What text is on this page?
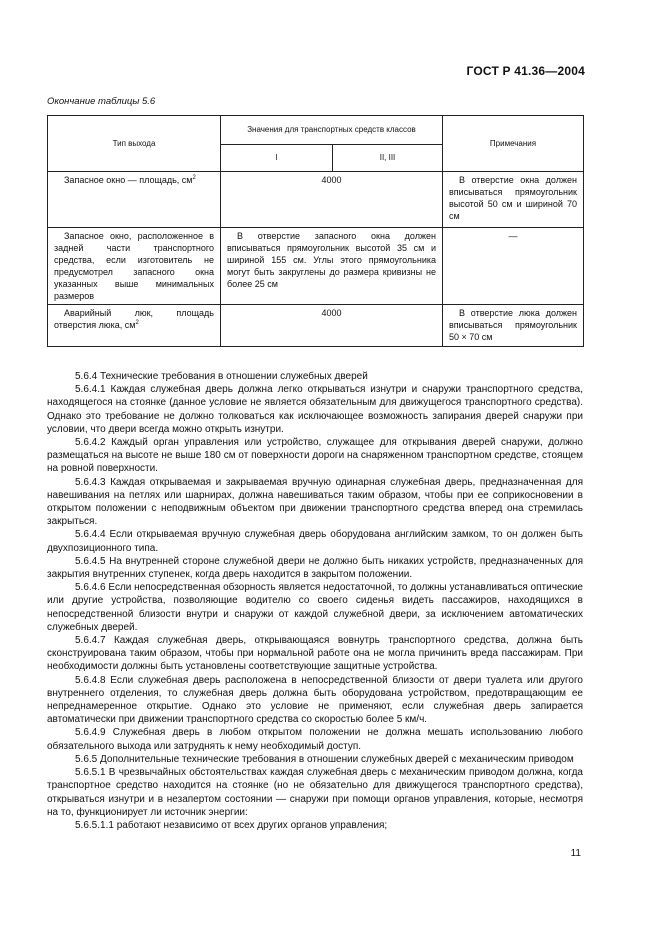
ГОСТ Р 41.36—2004
Окончание таблицы 5.6
Тип выхода	Значения для транспортных средств классов		Примечания
	I	II, III	
Запасное окно — площадь, $см^2$	4000		В отверстие окна должен вписываться прямоугольник высотой 50 см и шириной 70 см
Запасное окно, расположенное в задней части транспортного средства, если изготовитель не предусмотрел запасного окна указанных выше минимальных размеров	В отверстие запасного окна должен вписываться прямоугольник высотой 35 см и шириной 155 см. Углы этого прямоугольника могут быть закруглены до размера кривизны не более 25 см		—
Аварийный люк, площадь отверстия люка, $см^2$	4000		В отверстие люка должен вписываться прямоугольник 50 × 70 см

5.6.4 Технические требования в отношении служебных дверей

5.6.4.1 Каждая служебная дверь должна легко открываться изнутри и снаружи транспортного средства, находящегося на стоянке (данное условие не является обязательным для движущегося транспортного средства). Однако это требование не должно толковаться как исключающее возможность запирания дверей снаружи при условии, что двери всегда можно открыть изнутри.

5.6.4.2 Каждый орган управления или устройство, служащее для открывания дверей снаружи, должно размещаться на высоте не выше 180 см от поверхности дороги на снаряженном транспортном средстве, стоящем на ровной поверхности.

5.6.4.3 Каждая открываемая и закрываемая вручную одинарная служебная дверь, предназначенная для навешивания на петлях или шарнирах, должна навешиваться таким образом, чтобы при ее соприкосновении в открытом положении с неподвижным объектом при движении транспортного средства вперед она стремилась закрыться.

5.6.4.4 Если открываемая вручную служебная дверь оборудована английским замком, то он должен быть двухпозиционного типа.

5.6.4.5 На внутренней стороне служебной двери не должно быть никаких устройств, предназначенных для закрытия внутренних ступенек, когда дверь находится в закрытом положении.

5.6.4.6 Если непосредственная обзорность является недостаточной, то должны устанавливаться оптические или другие устройства, позволяющие водителю со своего сиденья видеть пассажиров, находящихся в непосредственной близости внутри и снаружи от каждой служебной двери, за исключением автоматических служебных дверей.

5.6.4.7 Каждая служебная дверь, открывающаяся вовнутрь транспортного средства, должна быть сконструирована таким образом, чтобы при нормальной работе она не могла причинить вреда пассажирам. При необходимости должны быть установлены соответствующие защитные устройства.

5.6.4.8 Если служебная дверь расположена в непосредственной близости от двери туалета или другого внутреннего отделения, то служебная дверь должна быть оборудована устройством, предотвращающим ее непреднамеренное открытие. Однако это условие не применяют, если служебная дверь запирается автоматически при движении транспортного средства со скоростью более 5 км/ч.

5.6.4.9 Служебная дверь в любом открытом положении не должна мешать использованию любого обязательного выхода или затруднять к нему необходимый доступ.

5.6.5 Дополнительные технические требования в отношении служебных дверей с механическим приводом

5.6.5.1 В чрезвычайных обстоятельствах каждая служебная дверь с механическим приводом должна, когда транспортное средство находится на стоянке (но не обязательно для движущегося транспортного средства), открываться изнутри и в незапертом состоянии — снаружи при помощи органов управления, которые, несмотря на то, функционирует ли источник энергии:

5.6.5.1.1 работают независимо от всех других органов управления;

11
